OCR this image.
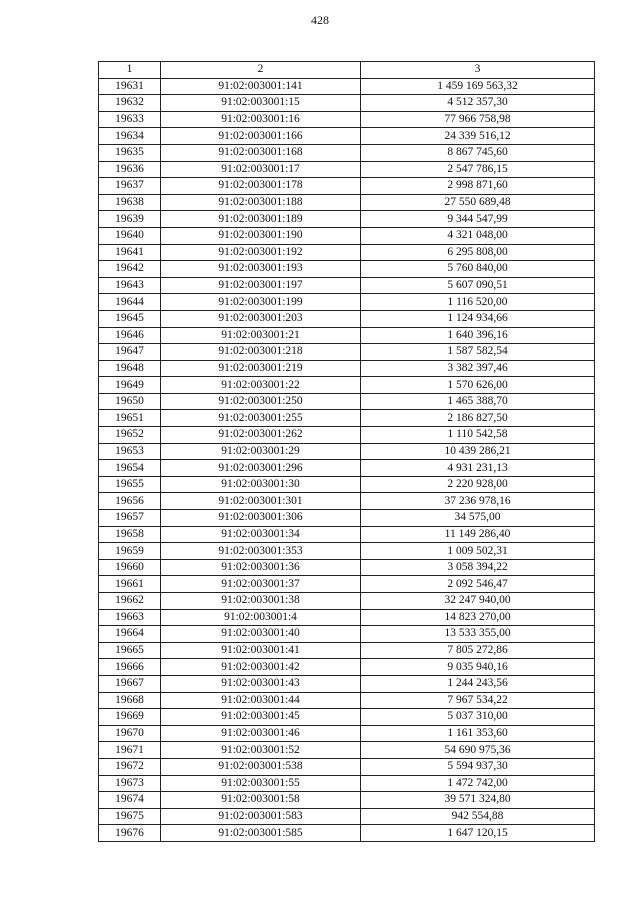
428
1	2	3
19631	91:02:003001:141	1 459 169 563,32
19632	91:02:003001:15	4 512 357,30
19633	91:02:003001:16	77 966 758,98
19634	91:02:003001:166	24 339 516,12
19635	91:02:003001:168	8 867 745,60
19636	91:02:003001:17	2 547 786,15
19637	91:02:003001:178	2 998 871,60
19638	91:02:003001:188	27 550 689,48
19639	91:02:003001:189	9 344 547,99
19640	91:02:003001:190	4 321 048,00
19641	91:02:003001:192	6 295 808,00
19642	91:02:003001:193	5 760 840,00
19643	91:02:003001:197	5 607 090,51
19644	91:02:003001:199	1 116 520,00
19645	91:02:003001:203	1 124 934,66
19646	91:02:003001:21	1 640 396,16
19647	91:02:003001:218	1 587 582,54
19648	91:02:003001:219	3 382 397,46
19649	91:02:003001:22	1 570 626,00
19650	91:02:003001:250	1 465 388,70
19651	91:02:003001:255	2 186 827,50
19652	91:02:003001:262	1 110 542,58
19653	91:02:003001:29	10 439 286,21
19654	91:02:003001:296	4 931 231,13
19655	91:02:003001:30	2 220 928,00
19656	91:02:003001:301	37 236 978,16
19657	91:02:003001:306	34 575,00
19658	91:02:003001:34	11 149 286,40
19659	91:02:003001:353	1 009 502,31
19660	91:02:003001:36	3 058 394,22
19661	91:02:003001:37	2 092 546,47
19662	91:02:003001:38	32 247 940,00
19663	91:02:003001:4	14 823 270,00
19664	91:02:003001:40	13 533 355,00
19665	91:02:003001:41	7 805 272,86
19666	91:02:003001:42	9 035 940,16
19667	91:02:003001:43	1 244 243,56
19668	91:02:003001:44	7 967 534,22
19669	91:02:003001:45	5 037 310,00
19670	91:02:003001:46	1 161 353,60
19671	91:02:003001:52	54 690 975,36
19672	91:02:003001:538	5 594 937,30
19673	91:02:003001:55	1 472 742,00
19674	91:02:003001:58	39 571 324,80
19675	91:02:003001:583	942 554,88
19676	91:02:003001:585	1 647 120,15
